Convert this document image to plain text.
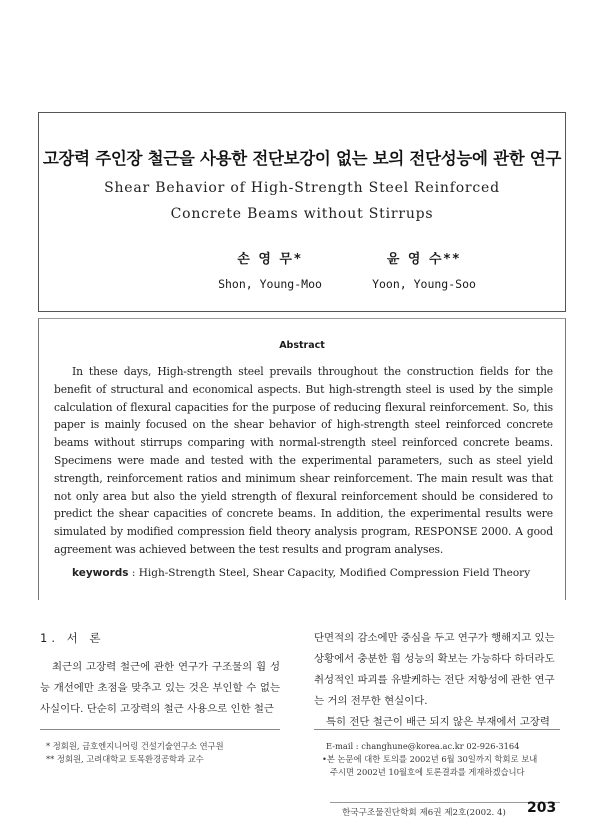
고장력 주인장 철근을 사용한 전단보강이 없는 보의 전단성능에 관한 연구
Shear Behavior of High-Strength Steel Reinforced
Concrete Beams without Stirrups
손 영 무*
Shon, Young-Moo
윤 영 수**
Yoon, Young-Soo
Abstract

In these days, High-strength steel prevails throughout the construction fields for the benefit of structural and economical aspects. But high-strength steel is used by the simple calculation of flexural capacities for the purpose of reducing flexural reinforcement. So, this paper is mainly focused on the shear behavior of high-strength steel reinforced concrete beams without stirrups comparing with normal-strength steel reinforced concrete beams. Specimens were made and tested with the experimental parameters, such as steel yield strength, reinforcement ratios and minimum shear reinforcement. The main result was that not only area but also the yield strength of flexural reinforcement should be considered to predict the shear capacities of concrete beams. In addition, the experimental results were simulated by modified compression field theory analysis program, RESPONSE 2000. A good agreement was achieved between the test results and program analyses.

keywords : High-Strength Steel, Shear Capacity, Modified Compression Field Theory
1. 서 론

최근의 고장력 철근에 관한 연구가 구조물의 휨 성능 개선에만 초점을 맞추고 있는 것은 부인할 수 없는 사실이다. 단순히 고장력의 철근 사용으로 인한 철근

단면적의 감소에만 중심을 두고 연구가 행해지고 있는
상황에서 충분한 휨 성능의 확보는 가능하다 하더라도
취성적인 파괴를 유발케하는 전단 저항성에 관한 연구
는 거의 전무한 현실이다.
특히 전단 철근이 배근 되지 않은 부재에서 고장력
* 정회원, 금호엔지니어링 건설기술연구소 연구원
** 정회원, 고려대학교 토목환경공학과 교수
E-mail : changhune@korea.ac.kr 02-926-3164
•본 논문에 대한 토의를 2002년 6월 30일까지 학회로 보내
주시면 2002년 10월호에 토론결과를 게재하겠습니다
한국구조물진단학회 제6권 제2호(2002. 4) 203
